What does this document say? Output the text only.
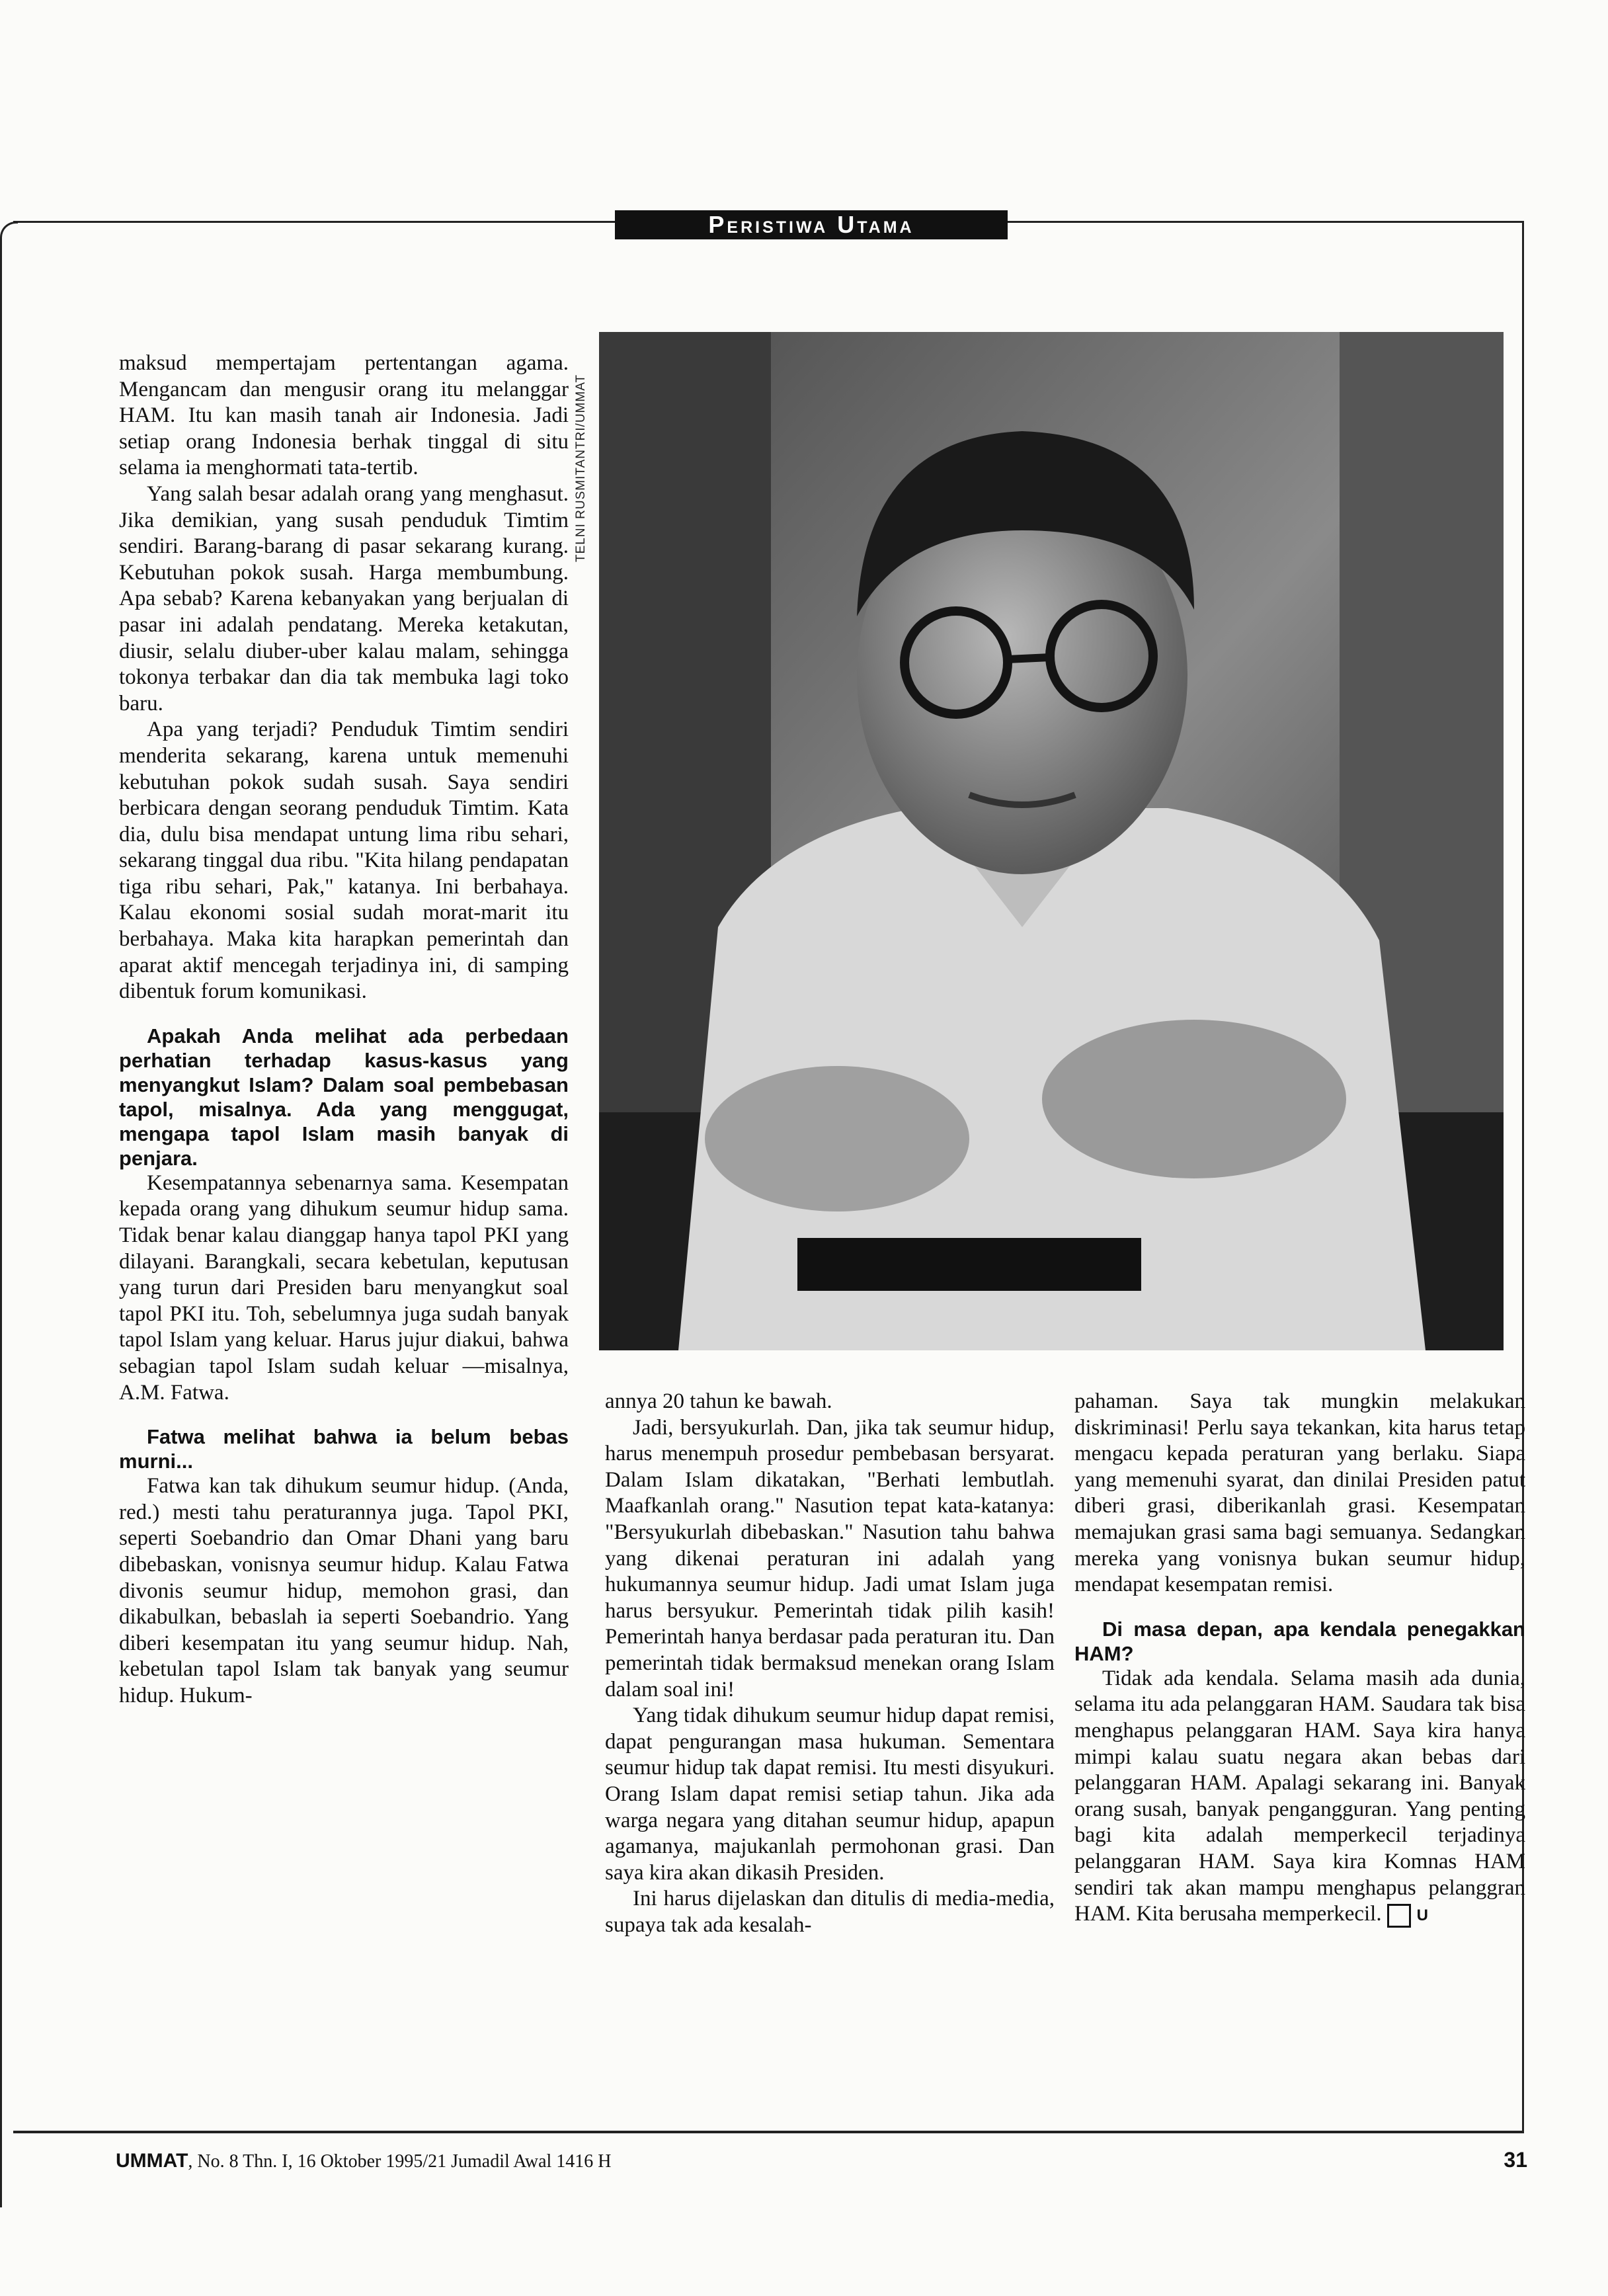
Peristiwa Utama
TELNI RUSMITANTRI/UMMAT

maksud mempertajam pertentangan agama. Mengancam dan mengusir orang itu melanggar HAM. Itu kan masih tanah air Indonesia. Jadi setiap orang Indonesia berhak tinggal di situ selama ia menghormati tata-tertib.

Yang salah besar adalah orang yang menghasut. Jika demikian, yang susah penduduk Timtim sendiri. Barang-barang di pasar sekarang kurang. Kebutuhan pokok susah. Harga membumbung. Apa sebab? Karena kebanyakan yang berjualan di pasar ini adalah pendatang. Mereka ketakutan, diusir, selalu diuber-uber kalau malam, sehingga tokonya terbakar dan dia tak membuka lagi toko baru.

Apa yang terjadi? Penduduk Timtim sendiri menderita sekarang, karena untuk memenuhi kebutuhan pokok sudah susah. Saya sendiri berbicara dengan seorang penduduk Timtim. Kata dia, dulu bisa mendapat untung lima ribu sehari, sekarang tinggal dua ribu. "Kita hilang pendapatan tiga ribu sehari, Pak," katanya. Ini berbahaya. Kalau ekonomi sosial sudah morat-marit itu berbahaya. Maka kita harapkan pemerintah dan aparat aktif mencegah terjadinya ini, di samping dibentuk forum komunikasi.

Apakah Anda melihat ada perbedaan perhatian terhadap kasus-kasus yang menyangkut Islam? Dalam soal pembebasan tapol, misalnya. Ada yang menggugat, mengapa tapol Islam masih banyak di penjara.

Kesempatannya sebenarnya sama. Kesempatan kepada orang yang dihukum seumur hidup sama. Tidak benar kalau dianggap hanya tapol PKI yang dilayani. Barangkali, secara kebetulan, keputusan yang turun dari Presiden baru menyangkut soal tapol PKI itu. Toh, sebelumnya juga sudah banyak tapol Islam yang keluar. Harus jujur diakui, bahwa sebagian tapol Islam sudah keluar —misalnya, A.M. Fatwa.

Fatwa melihat bahwa ia belum bebas murni...

Fatwa kan tak dihukum seumur hidup. (Anda, red.) mesti tahu peraturannya juga. Tapol PKI, seperti Soebandrio dan Omar Dhani yang baru dibebaskan, vonisnya seumur hidup. Kalau Fatwa divonis seumur hidup, memohon grasi, dan dikabulkan, bebaslah ia seperti Soebandrio. Yang diberi kesempatan itu yang seumur hidup. Nah, kebetulan tapol Islam tak banyak yang seumur hidup. Hukum-

annya 20 tahun ke bawah.

Jadi, bersyukurlah. Dan, jika tak seumur hidup, harus menempuh prosedur pembebasan bersyarat. Dalam Islam dikatakan, "Berhati lembutlah. Maafkanlah orang." Nasution tepat kata-katanya: "Bersyukurlah dibebaskan." Nasution tahu bahwa yang dikenai peraturan ini adalah yang hukumannya seumur hidup. Jadi umat Islam juga harus bersyukur. Pemerintah tidak pilih kasih! Pemerintah hanya berdasar pada peraturan itu. Dan pemerintah tidak bermaksud menekan orang Islam dalam soal ini!

Yang tidak dihukum seumur hidup dapat remisi, dapat pengurangan masa hukuman. Sementara seumur hidup tak dapat remisi. Itu mesti disyukuri. Orang Islam dapat remisi setiap tahun. Jika ada warga negara yang ditahan seumur hidup, apapun agamanya, majukanlah permohonan grasi. Dan saya kira akan dikasih Presiden.

Ini harus dijelaskan dan ditulis di media-media, supaya tak ada kesalah-

pahaman. Saya tak mungkin melakukan diskriminasi! Perlu saya tekankan, kita harus tetap mengacu kepada peraturan yang berlaku. Siapa yang memenuhi syarat, dan dinilai Presiden patut diberi grasi, diberikanlah grasi. Kesempatan memajukan grasi sama bagi semuanya. Sedangkan mereka yang vonisnya bukan seumur hidup, mendapat kesempatan remisi.

Di masa depan, apa kendala penegakkan HAM?

Tidak ada kendala. Selama masih ada dunia, selama itu ada pelanggaran HAM. Saudara tak bisa menghapus pelanggaran HAM. Saya kira hanya mimpi kalau suatu negara akan bebas dari pelanggaran HAM. Apalagi sekarang ini. Banyak orang susah, banyak pengangguran. Yang penting bagi kita adalah memperkecil terjadinya pelanggaran HAM. Saya kira Komnas HAM sendiri tak akan mampu menghapus pelanggran HAM. Kita berusaha memperkecil. U

UMMAT, No. 8 Thn. I, 16 Oktober 1995/21 Jumadil Awal 1416 H	31
